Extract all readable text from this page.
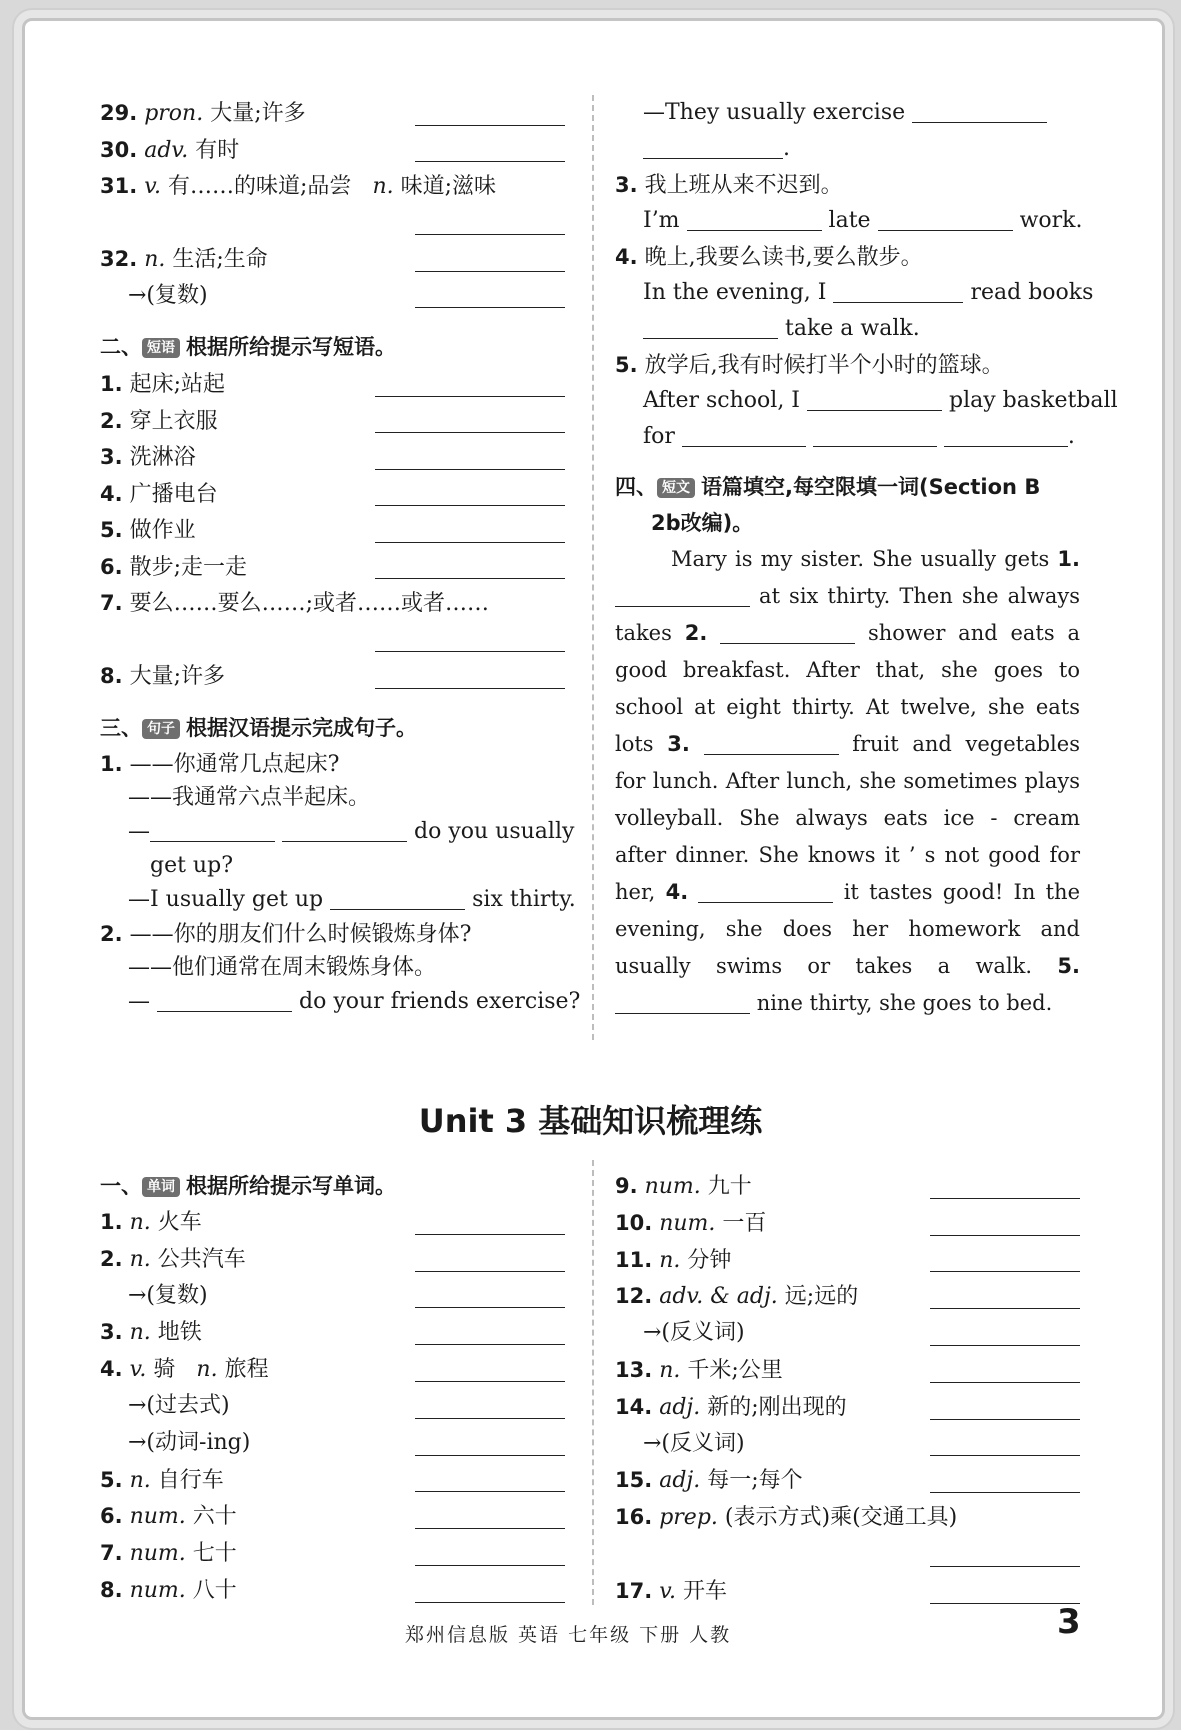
29. pron. 大量;许多
30. adv. 有时
31. v. 有……的味道;品尝 n. 味道;滋味
32. n. 生活;生命
→(复数)
二、 短语 根据所给提示写短语。
1. 起床;站起
2. 穿上衣服
3. 洗淋浴
4. 广播电台
5. 做作业
6. 散步;走一走
7. 要么……要么……;或者……或者……
8. 大量;许多
三、 句子 根据汉语提示完成句子。
1. ——你通常几点起床?
——我通常六点半起床。
—	do you usually
get up?
—I usually get up	six thirty.
2. ——你的朋友们什么时候锻炼身体?
——他们通常在周末锻炼身体。
—	do your friends exercise?
—They usually exercise
.
3. 我上班从来不迟到。
I’m	late	work.
4. 晚上,我要么读书,要么散步。
In the evening, I	read books
take a walk.
5. 放学后,我有时候打半个小时的篮球。
After school, I	play basketball
for	.
四、 短文 语篇填空,每空限填一词(Section B
2b改编)。
Mary is my sister. She usually gets 1.  at six thirty. Then she always takes 2.	shower and eats a good breakfast. After that, she goes to school at eight thirty. At twelve, she eats lots 3.	fruit and vegetables for lunch. After lunch, she sometimes plays volleyball. She always eats ice - cream after dinner. She knows it ’ s not good for her, 4.	it tastes good! In the evening, she does her homework and usually swims or takes a walk. 5.  nine thirty, she goes to bed.
Unit 3 基础知识梳理练
一、 单词 根据所给提示写单词。
1. n. 火车
2. n. 公共汽车
→(复数)
3. n. 地铁
4. v. 骑 n. 旅程
→(过去式)
→(动词-ing)
5. n. 自行车
6. num. 六十
7. num. 七十
8. num. 八十
9. num. 九十
10. num. 一百
11. n. 分钟
12. adv. & adj. 远;远的
→(反义词)
13. n. 千米;公里
14. adj. 新的;刚出现的
→(反义词)
15. adj. 每一;每个
16. prep. (表示方式)乘(交通工具)
17. v. 开车
郑州信息版 英语 七年级 下册 人教	3
